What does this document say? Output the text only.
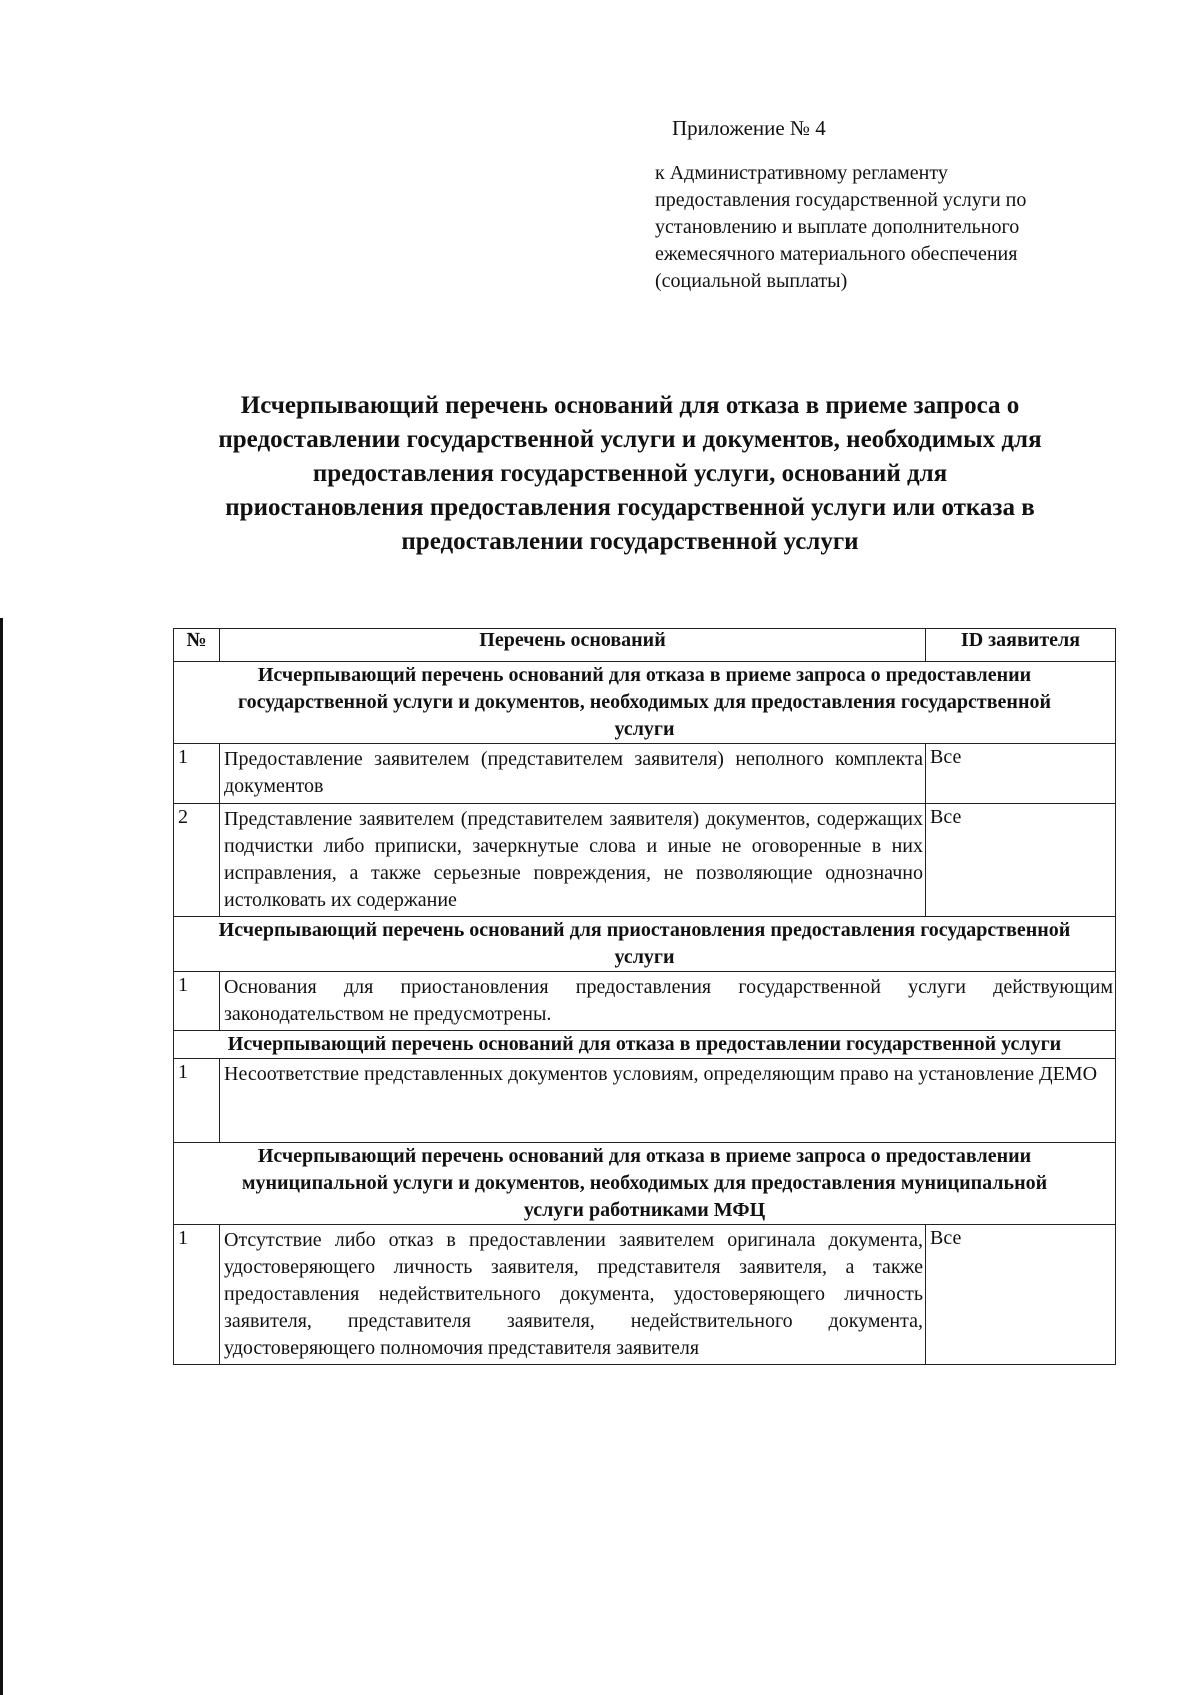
Приложение № 4
к Административному регламенту
предоставления государственной услуги по
установлению и выплате дополнительного
ежемесячного материального обеспечения
(социальной выплаты)
Исчерпывающий перечень оснований для отказа в приеме запроса о
предоставлении государственной услуги и документов, необходимых для
предоставления государственной услуги, оснований для
приостановления предоставления государственной услуги или отказа в
предоставлении государственной услуги
№	Перечень оснований	ID заявителя
Исчерпывающий перечень оснований для отказа в приеме запроса о предоставлении государственной услуги и документов, необходимых для предоставления государственной услуги		
1	Предоставление заявителем (представителем заявителя) неполного комплекта документов	Все
2	Представление заявителем (представителем заявителя) документов, содержащих подчистки либо приписки, зачеркнутые слова и иные не оговоренные в них исправления, а также серьезные повреждения, не позволяющие однозначно истолковать их содержание	Все
Исчерпывающий перечень оснований для приостановления предоставления государственной услуги		
1	Основания для приостановления предоставления государственной услуги действующим законодательством не предусмотрены.	
Исчерпывающий перечень оснований для отказа в предоставлении государственной услуги		
1	Несоответствие представленных документов условиям, определяющим право на установление ДЕМО	
Исчерпывающий перечень оснований для отказа в приеме запроса о предоставлении муниципальной услуги и документов, необходимых для предоставления муниципальной услуги работниками МФЦ		
1	Отсутствие либо отказ в предоставлении заявителем оригинала документа, удостоверяющего личность заявителя, представителя заявителя, а также предоставления недействительного документа, удостоверяющего личность заявителя, представителя заявителя, недействительного документа, удостоверяющего полномочия представителя заявителя	Все
